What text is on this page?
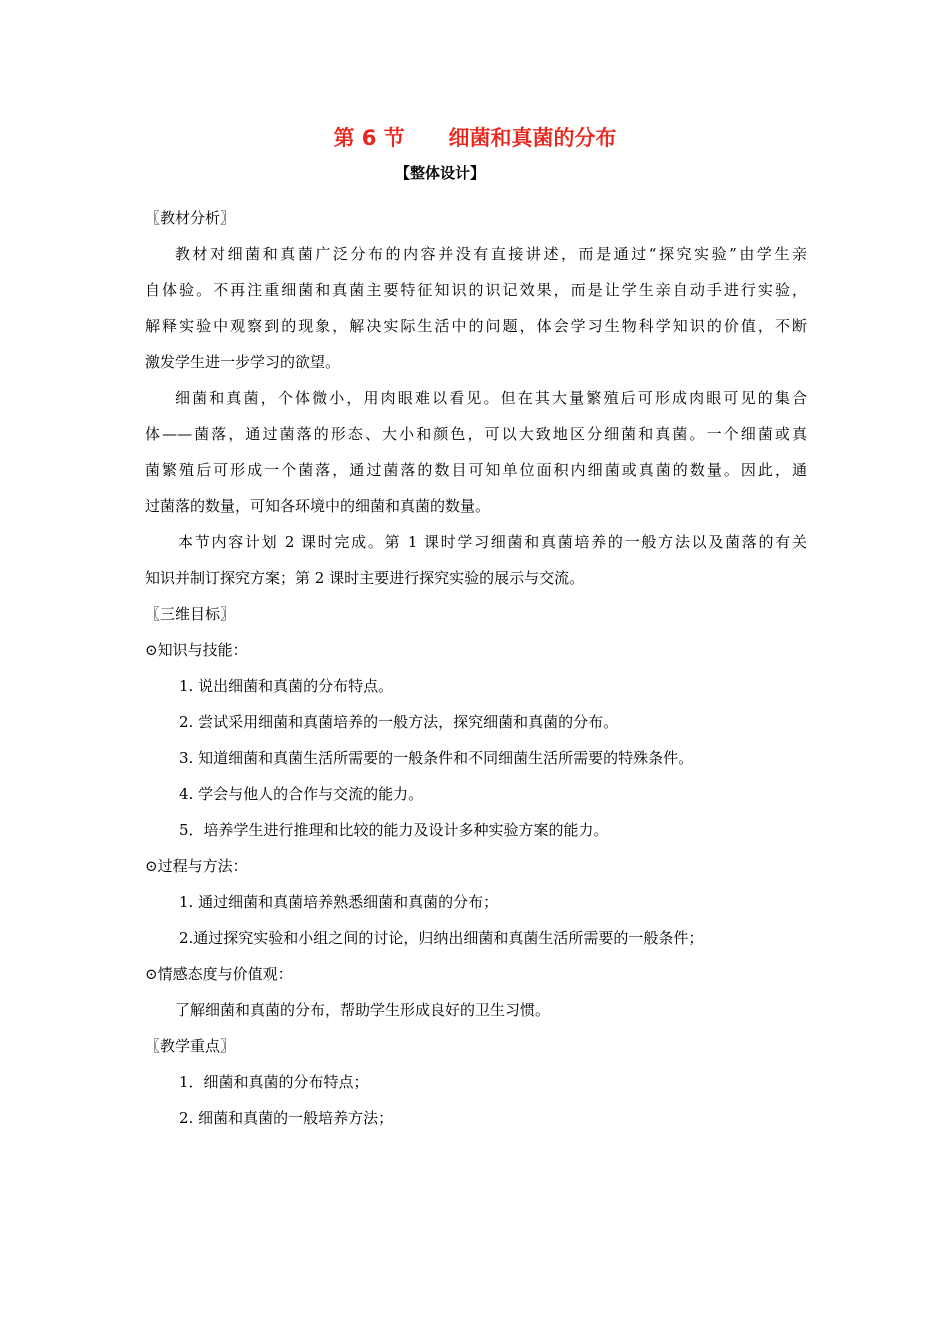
第 6 节      细菌和真菌的分布
【整体设计】
〖教材分析〗
教材对细菌和真菌广泛分布的内容并没有直接讲述，而是通过“探究实验”由学生亲
自体验。不再注重细菌和真菌主要特征知识的识记效果，而是让学生亲自动手进行实验，
解释实验中观察到的现象，解决实际生活中的问题，体会学习生物科学知识的价值，不断
激发学生进一步学习的欲望。
细菌和真菌，个体微小，用肉眼难以看见。但在其大量繁殖后可形成肉眼可见的集合
体——菌落，通过菌落的形态、大小和颜色，可以大致地区分细菌和真菌。一个细菌或真
菌繁殖后可形成一个菌落，通过菌落的数目可知单位面积内细菌或真菌的数量。因此，通
过菌落的数量，可知各环境中的细菌和真菌的数量。
本节内容计划 2 课时完成。第 1 课时学习细菌和真菌培养的一般方法以及菌落的有关
知识并制订探究方案；第 2 课时主要进行探究实验的展示与交流。
〖三维目标〗
⊙知识与技能：
1. 说出细菌和真菌的分布特点。
2. 尝试采用细菌和真菌培养的一般方法，探究细菌和真菌的分布。
3. 知道细菌和真菌生活所需要的一般条件和不同细菌生活所需要的特殊条件。
4. 学会与他人的合作与交流的能力。
5．培养学生进行推理和比较的能力及设计多种实验方案的能力。
⊙过程与方法：
1. 通过细菌和真菌培养熟悉细菌和真菌的分布；
2.通过探究实验和小组之间的讨论，归纳出细菌和真菌生活所需要的一般条件；
⊙情感态度与价值观：
了解细菌和真菌的分布，帮助学生形成良好的卫生习惯。
〖教学重点〗
1．细菌和真菌的分布特点；
2. 细菌和真菌的一般培养方法；
